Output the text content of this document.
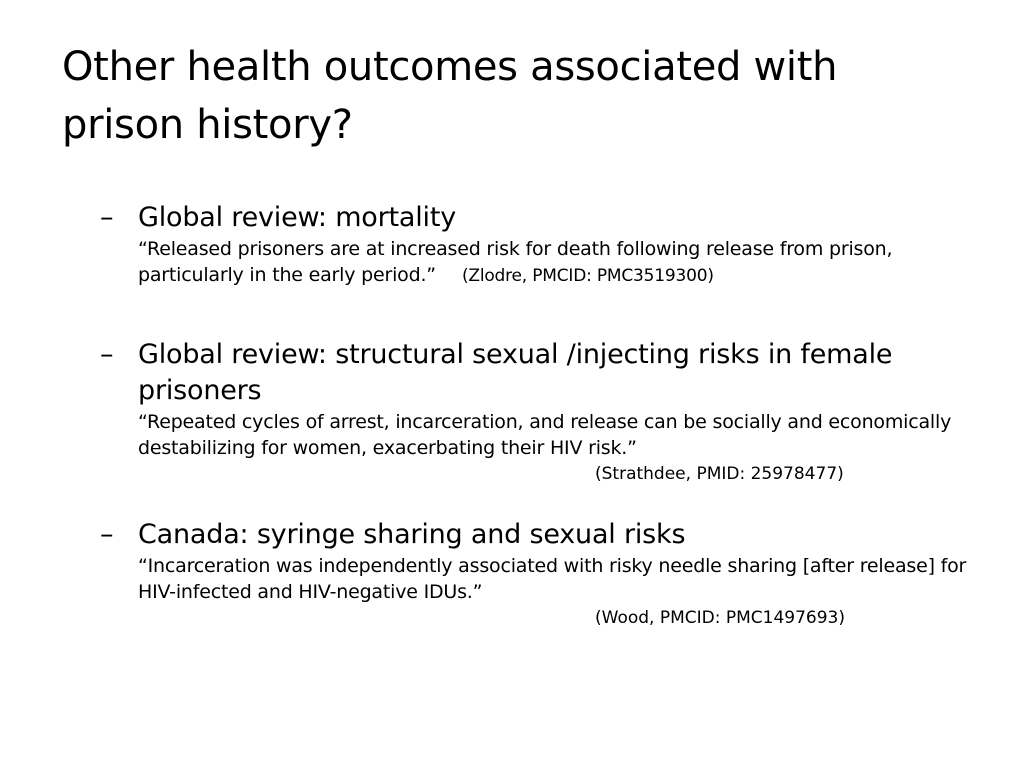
Other health outcomes associated with prison history?
– Global review: mortality
“Released prisoners are at increased risk for death following release from prison, particularly in the early period.” (Zlodre, PMCID: PMC3519300)
– Global review: structural sexual /injecting risks in female prisoners
“Repeated cycles of arrest, incarceration, and release can be socially and economically destabilizing for women, exacerbating their HIV risk.”
(Strathdee, PMID: 25978477)
– Canada: syringe sharing and sexual risks
“Incarceration was independently associated with risky needle sharing [after release] for HIV-infected and HIV-negative IDUs.”
(Wood, PMCID: PMC1497693)
